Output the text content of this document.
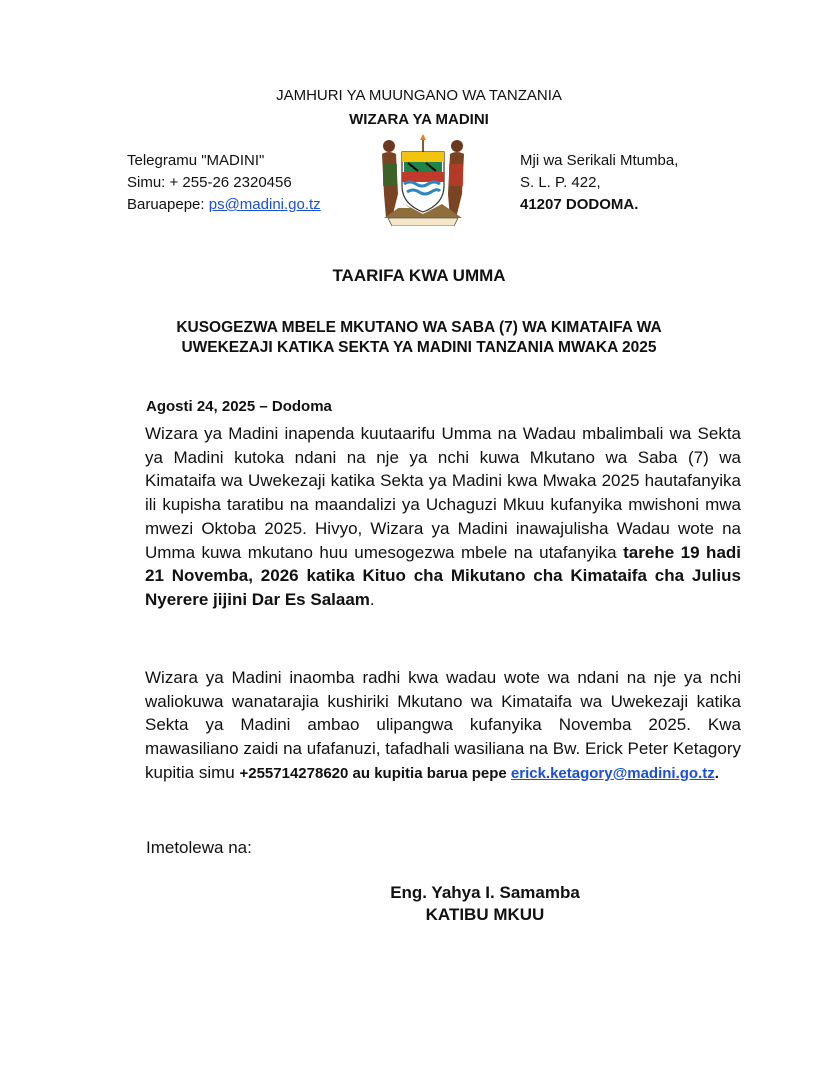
JAMHURI YA MUUNGANO WA TANZANIA
WIZARA YA MADINI
Telegramu "MADINI"
Simu: + 255-26 2320456
Baruapepe: ps@madini.go.tz
Mji wa Serikali Mtumba,
S. L. P. 422,
41207 DODOMA.
TAARIFA KWA UMMA
KUSOGEZWA MBELE MKUTANO WA SABA (7) WA KIMATAIFA WA
UWEKEZAJI KATIKA SEKTA YA MADINI TANZANIA MWAKA 2025
Agosti 24, 2025 – Dodoma
Wizara ya Madini inapenda kuutaarifu Umma na Wadau mbalimbali wa Sekta ya Madini kutoka ndani na nje ya nchi kuwa Mkutano wa Saba (7) wa Kimataifa wa Uwekezaji katika Sekta ya Madini kwa Mwaka 2025 hautafanyika ili kupisha taratibu na maandalizi ya Uchaguzi Mkuu kufanyika mwishoni mwa mwezi Oktoba 2025. Hivyo, Wizara ya Madini inawajulisha Wadau wote na Umma kuwa mkutano huu umesogezwa mbele na utafanyika tarehe 19 hadi 21 Novemba, 2026 katika Kituo cha Mikutano cha Kimataifa cha Julius Nyerere jijini Dar Es Salaam.
Wizara ya Madini inaomba radhi kwa wadau wote wa ndani na nje ya nchi waliokuwa wanatarajia kushiriki Mkutano wa Kimataifa wa Uwekezaji katika Sekta ya Madini ambao ulipangwa kufanyika Novemba 2025. Kwa mawasiliano zaidi na ufafanuzi, tafadhali wasiliana na Bw. Erick Peter Ketagory kupitia simu +255714278620 au kupitia barua pepe erick.ketagory@madini.go.tz.
Imetolewa na:
Eng. Yahya I. Samamba
KATIBU MKUU
